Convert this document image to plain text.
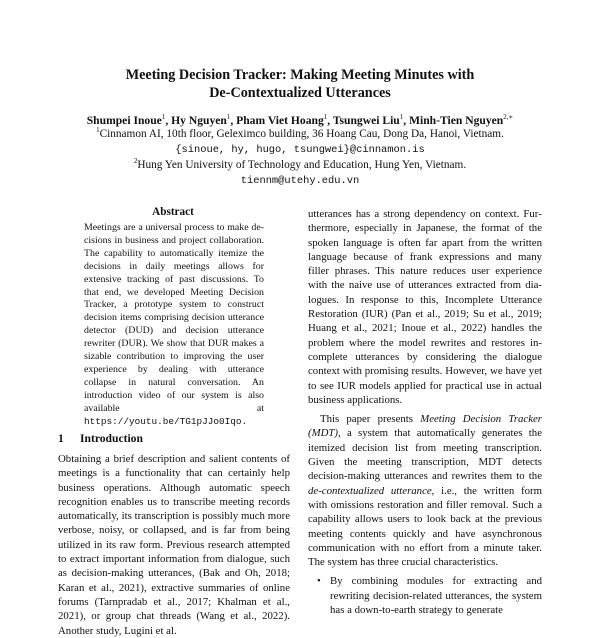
Meeting Decision Tracker: Making Meeting Minutes with
De-Contextualized Utterances
Shumpei Inoue$^1$, Hy Nguyen$^1$, Pham Viet Hoang$^1$, Tsungwei Liu$^1$, Minh-Tien Nguyen$^{2,∗}$
$^1$Cinnamon AI, 10th floor, Geleximco building, 36 Hoang Cau, Dong Da, Hanoi, Vietnam.
{sinoue, hy, hugo, tsungwei}@cinnamon.is
$^2$Hung Yen University of Technology and Education, Hung Yen, Vietnam.
tiennm@utehy.edu.vn
Abstract
Meetings are a universal process to make decisions in business and project collaboration. The capability to automatically itemize the decisions in daily meetings allows for extensive tracking of past discussions. To that end, we developed Meeting Decision Tracker, a prototype system to construct decision items comprising decision utterance detector (DUD) and decision utterance rewriter (DUR). We show that DUR makes a sizable contribution to improving the user experience by dealing with utterance collapse in natural conversation. An introduction video of our system is also available at https://youtu.be/TG1pJJo0Iqo.
1 Introduction

Obtaining a brief description and salient contents of meetings is a functionality that can certainly help business operations. Although automatic speech recognition enables us to transcribe meeting records automatically, its transcription is possibly much more verbose, noisy, or collapsed, and is far from being utilized in its raw form. Previous research attempted to extract important information from dialogue, such as decision-making utterances, (Bak and Oh, 2018; Karan et al., 2021), extractive summaries of online forums (Tarnpradab et al., 2017; Khalman et al., 2021), or group chat threads (Wang et al., 2022). Another study, Lugini et al.

utterances has a strong dependency on context. Furthermore, especially in Japanese, the format of the spoken language is often far apart from the written language because of frank expressions and many filler phrases. This nature reduces user experience with the naive use of utterances extracted from dialogues. In response to this, Incomplete Utterance Restoration (IUR) (Pan et al., 2019; Su et al., 2019; Huang et al., 2021; Inoue et al., 2022) handles the problem where the model rewrites and restores incomplete utterances by considering the dialogue context with promising results. However, we have yet to see IUR models applied for practical use in actual business applications.

This paper presents Meeting Decision Tracker (MDT), a system that automatically generates the itemized decision list from meeting transcription. Given the meeting transcription, MDT detects decision-making utterances and rewrites them to the de-contextualized utterance, i.e., the written form with omissions restoration and filler removal. Such a capability allows users to look back at the previous meeting contents quickly and have asynchronous communication with no effort from a minute taker. The system has three crucial characteristics.

• By combining modules for extracting and rewriting decision-related utterances, the system has a down-to-earth strategy to generate
